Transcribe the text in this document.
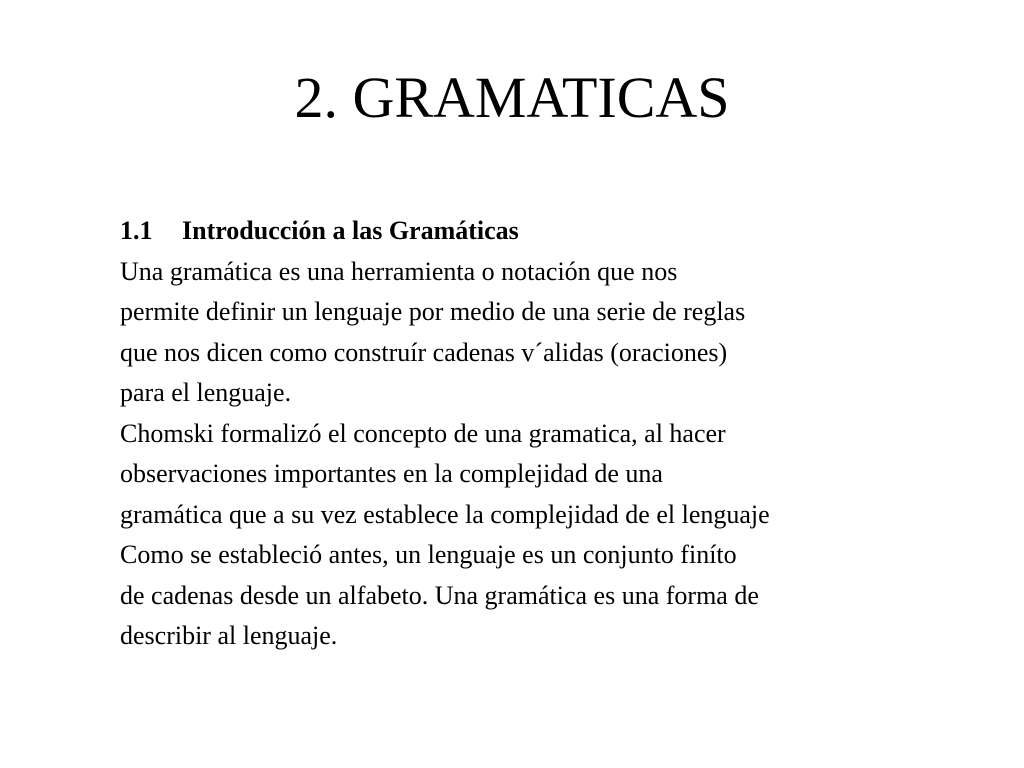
2. GRAMATICAS
1.1 Introducción a las Gramáticas
Una gramática es una herramienta o notación que nos
permite definir un lenguaje por medio de una serie de reglas
que nos dicen como construír cadenas v´alidas (oraciones)
para el lenguaje.
Chomski formalizó el concepto de una gramatica, al hacer
observaciones importantes en la complejidad de una
gramática que a su vez establece la complejidad de el lenguaje
Como se estableció antes, un lenguaje es un conjunto finíto
de cadenas desde un alfabeto. Una gramática es una forma de
describir al lenguaje.
